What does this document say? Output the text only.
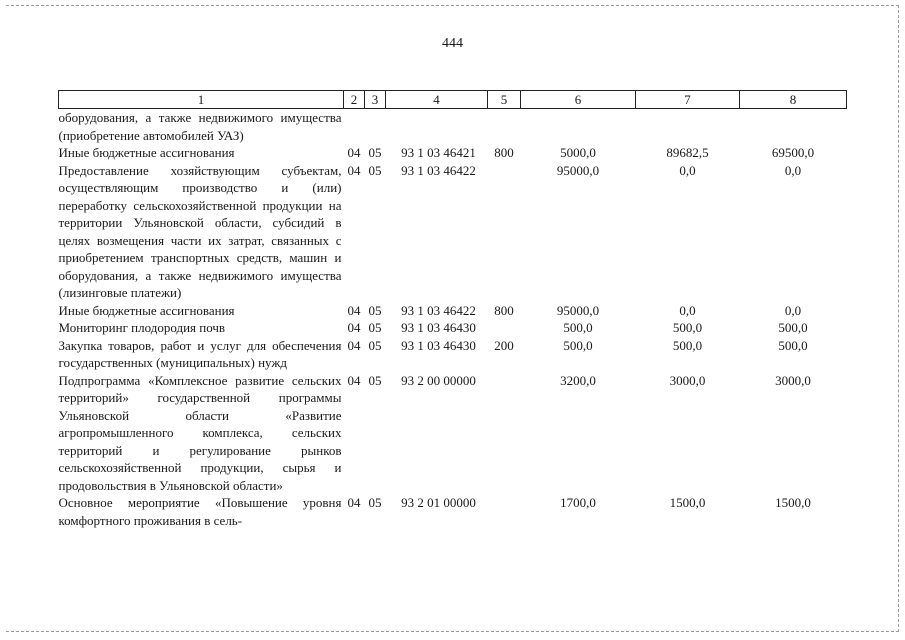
444
1	2	3	4	5	6	7	8
оборудования, а также недвижимого имущества (приобретение автомобилей УАЗ)							
Иные бюджетные ассигнования	04	05	93 1 03 46421	800	5000,0	89682,5	69500,0
Предоставление хозяйствующим субъектам, осуществляющим производство и (или) переработку сельскохозяйственной продукции на территории Ульяновской области, субсидий в целях возмещения части их затрат, связанных с приобретением транспортных средств, машин и оборудования, а также недвижимого имущества (лизинговые платежи)	04	05	93 1 03 46422		95000,0	0,0	0,0
Иные бюджетные ассигнования	04	05	93 1 03 46422	800	95000,0	0,0	0,0
Мониторинг плодородия почв	04	05	93 1 03 46430		500,0	500,0	500,0
Закупка товаров, работ и услуг для обеспечения государственных (муниципальных) нужд	04	05	93 1 03 46430	200	500,0	500,0	500,0
Подпрограмма «Комплексное развитие сельских территорий» государственной программы Ульяновской области «Развитие агропромышленного комплекса, сельских территорий и регулирование рынков сельскохозяйственной продукции, сырья и продовольствия в Ульяновской области»	04	05	93 2 00 00000		3200,0	3000,0	3000,0
Основное мероприятие «Повышение уровня комфортного проживания в сель-	04	05	93 2 01 00000		1700,0	1500,0	1500,0
